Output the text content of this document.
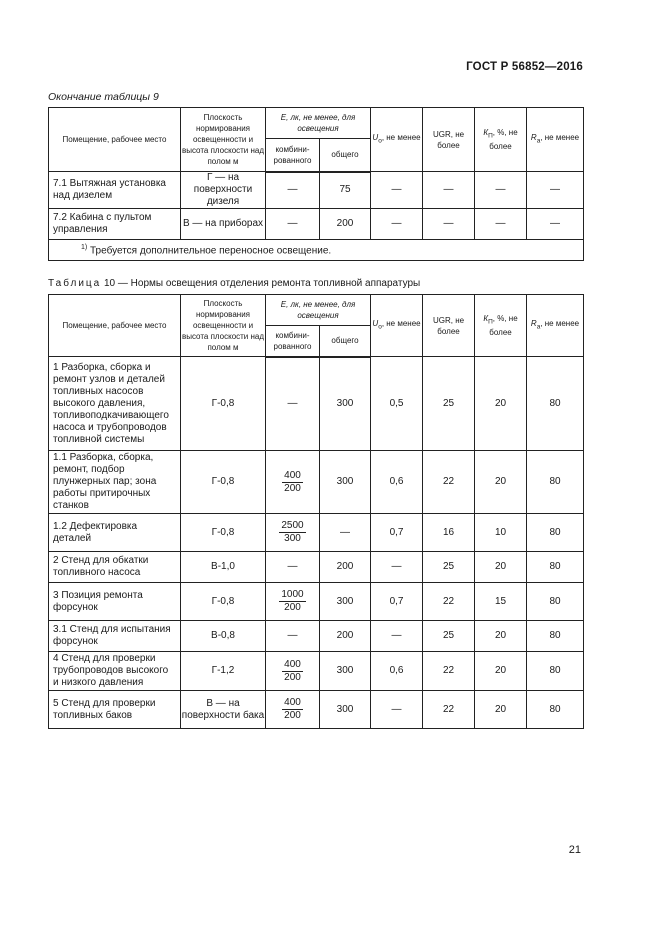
ГОСТ Р 56852—2016
Окончание таблицы 9
Помещение, рабочее место	Плоскость нормирования освещенности и высота плоскости над полом м	E, лк, не менее, для освещения		$U_o$, не менее	UGR, не более	$К_П$, %, не более	$R_a$, не менее
		комбини-рованного	общего				
7.1 Вытяжная установка над дизелем	Г — на поверхности дизеля	—	75	—	—	—	—
7.2 Кабина с пультом управления	В — на приборах	—	200	—	—	—	—
$^{1)}$ Требуется дополнительное переносное освещение.							
Таблица 10 — Нормы освещения отделения ремонта топливной аппаратуры
Помещение, рабочее место	Плоскость нормирования освещенности и высота плоскости над полом м	E, лк, не менее, для освещения		$U_o$, не менее	UGR, не более	$К_П$, %, не более	$R_a$, не менее
		комбини-рованного	общего				
1 Разборка, сборка и ремонт узлов и деталей топливных насосов высокого давления, топливоподкачивающего насоса и трубопроводов топливной системы	Г-0,8	—	300	0,5	25	20	80
1.1 Разборка, сборка, ремонт, подбор плунжерных пар; зона работы притирочных станков	Г-0,8	$\frac{400}{200}$	300	0,6	22	20	80
1.2 Дефектировка деталей	Г-0,8	$\frac{2500}{300}$	—	0,7	16	10	80
2 Стенд для обкатки топливного насоса	В-1,0	—	200	—	25	20	80
3 Позиция ремонта форсунок	Г-0,8	$\frac{1000}{200}$	300	0,7	22	15	80
3.1 Стенд для испытания форсунок	В-0,8	—	200	—	25	20	80
4 Стенд для проверки трубопроводов высокого и низкого давления	Г-1,2	$\frac{400}{200}$	300	0,6	22	20	80
5 Стенд для проверки топливных баков	В — на поверхности бака	$\frac{400}{200}$	300	—	22	20	80
21
